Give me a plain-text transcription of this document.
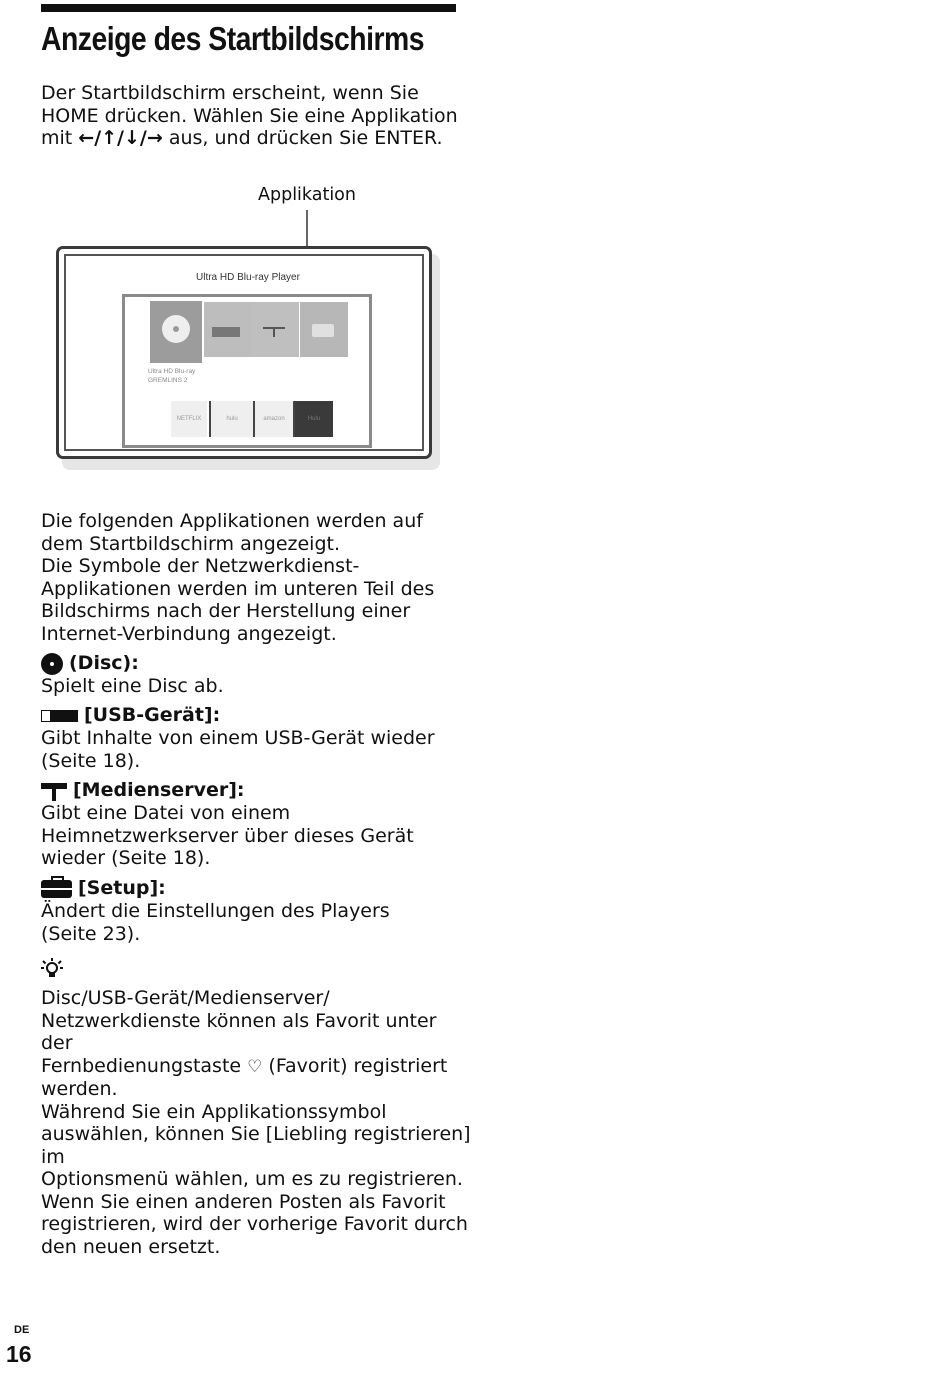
Anzeige des Startbildschirms
Der Startbildschirm erscheint, wenn Sie
HOME drücken. Wählen Sie eine Applikation
mit ←/↑/↓/→ aus, und drücken Sie ENTER.
Applikation
Ultra HD Blu-ray Player
Ultra HD Blu-ray
GREMLINS 2
NETFLIX	hulu	amazon	Hulu
Die folgenden Applikationen werden auf
dem Startbildschirm angezeigt.
Die Symbole der Netzwerkdienst-
Applikationen werden im unteren Teil des
Bildschirms nach der Herstellung einer
Internet-Verbindung angezeigt.
(Disc):
Spielt eine Disc ab.
[USB-Gerät]:
Gibt Inhalte von einem USB-Gerät wieder
(Seite 18).
[Medienserver]:
Gibt eine Datei von einem
Heimnetzwerkserver über dieses Gerät
wieder (Seite 18).
[Setup]:
Ändert die Einstellungen des Players
(Seite 23).
Disc/USB-Gerät/Medienserver/
Netzwerkdienste können als Favorit unter der
Fernbedienungstaste ♡ (Favorit) registriert
werden.
Während Sie ein Applikationssymbol
auswählen, können Sie [Liebling registrieren] im
Optionsmenü wählen, um es zu registrieren.
Wenn Sie einen anderen Posten als Favorit
registrieren, wird der vorherige Favorit durch
den neuen ersetzt.
DE
16
